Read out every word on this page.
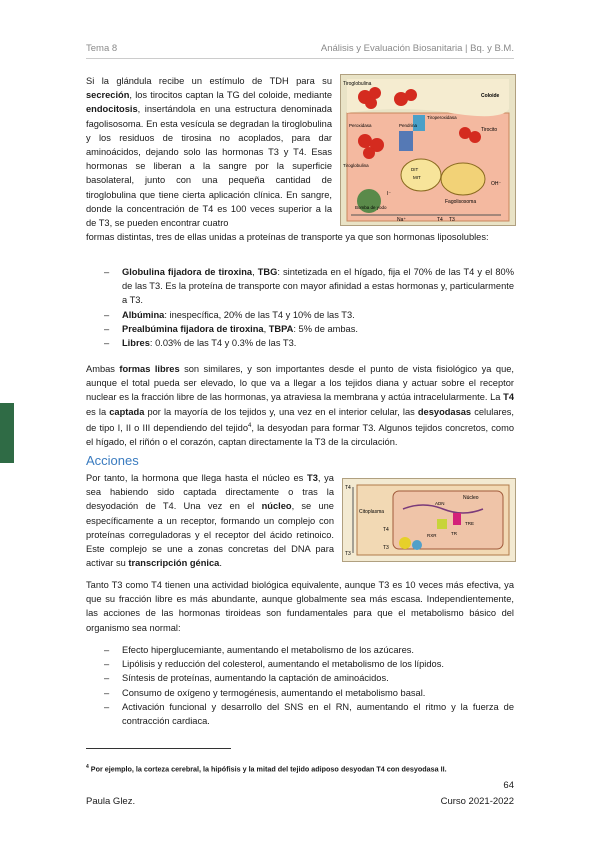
Tema 8	Análisis y Evaluación Biosanitaria | Bq. y B.M.
Si la glándula recibe un estímulo de TDH para su secreción, los tirocitos captan la TG del coloide, mediante endocitosis, insertándola en una estructura denominada fagolisosoma. En esta vesícula se degradan la tiroglobulina y los residuos de tirosina no acoplados, para dar aminoácidos, dejando solo las hormonas T3 y T4. Esas hormonas se liberan a la sangre por la superficie basolateral, junto con una pequeña cantidad de tiroglobulina que tiene cierta aplicación clínica. En sangre, donde la concentración de T4 es 100 veces superior a la de T3, se pueden encontrar cuatro
Tiroglobulina
Coloide
Tirocito
Fagolisosoma
Peroxidasa
Tiroglobulina
Pendrina
Tiroperoxidasa
Bomba de yodo
DIT
MIT
T4 T3
I⁻
Na⁺
OH⁻
formas distintas, tres de ellas unidas a proteínas de transporte ya que son hormonas liposolubles:
– Globulina fijadora de tiroxina, TBG: sintetizada en el hígado, fija el 70% de las T4 y el 80% de las T3. Es la proteína de transporte con mayor afinidad a estas hormonas y, particularmente a T3.
– Albúmina: inespecífica, 20% de las T4 y 10% de las T3.
– Prealbúmina fijadora de tiroxina, TBPA: 5% de ambas.
– Libres: 0.03% de las T4 y 0.3% de las T3.
Ambas formas libres son similares, y son importantes desde el punto de vista fisiológico ya que, aunque el total pueda ser elevado, lo que va a llegar a los tejidos diana y actuar sobre el receptor nuclear es la fracción libre de las hormonas, ya atraviesa la membrana y actúa intracelularmente. La T4 es la captada por la mayoría de los tejidos y, una vez en el interior celular, las desyodasas celulares, de tipo I, II o III dependiendo del tejido$^4$, la desyodan para formar T3. Algunos tejidos concretos, como el hígado, el riñón o el corazón, captan directamente la T3 de la circulación.
Acciones
Por tanto, la hormona que llega hasta el núcleo es T3, ya sea habiendo sido captada directamente o tras la desyodación de T4. Una vez en el núcleo, se une específicamente a un receptor, formando un complejo con proteínas correguladoras y el receptor del ácido retinoico. Este complejo se une a zonas concretas del DNA para activar su transcripción génica.
Citoplasma
Núcleo
ADN
TRE
RXR	TR
T4
T3
T3
T4
Tanto T3 como T4 tienen una actividad biológica equivalente, aunque T3 es 10 veces más efectiva, ya que su fracción libre es más abundante, aunque globalmente sea más escasa. Independientemente, las acciones de las hormonas tiroideas son fundamentales para que el metabolismo básico del organismo sea normal:
– Efecto hiperglucemiante, aumentando el metabolismo de los azúcares.
– Lipólisis y reducción del colesterol, aumentando el metabolismo de los lípidos.
– Síntesis de proteínas, aumentando la captación de aminoácidos.
– Consumo de oxígeno y termogénesis, aumentando el metabolismo basal.
– Activación funcional y desarrollo del SNS en el RN, aumentando el ritmo y la fuerza de contracción cardiaca.
$^4$ Por ejemplo, la corteza cerebral, la hipófisis y la mitad del tejido adiposo desyodan T4 con desyodasa II.
64
Paula Glez.	Curso 2021-2022
